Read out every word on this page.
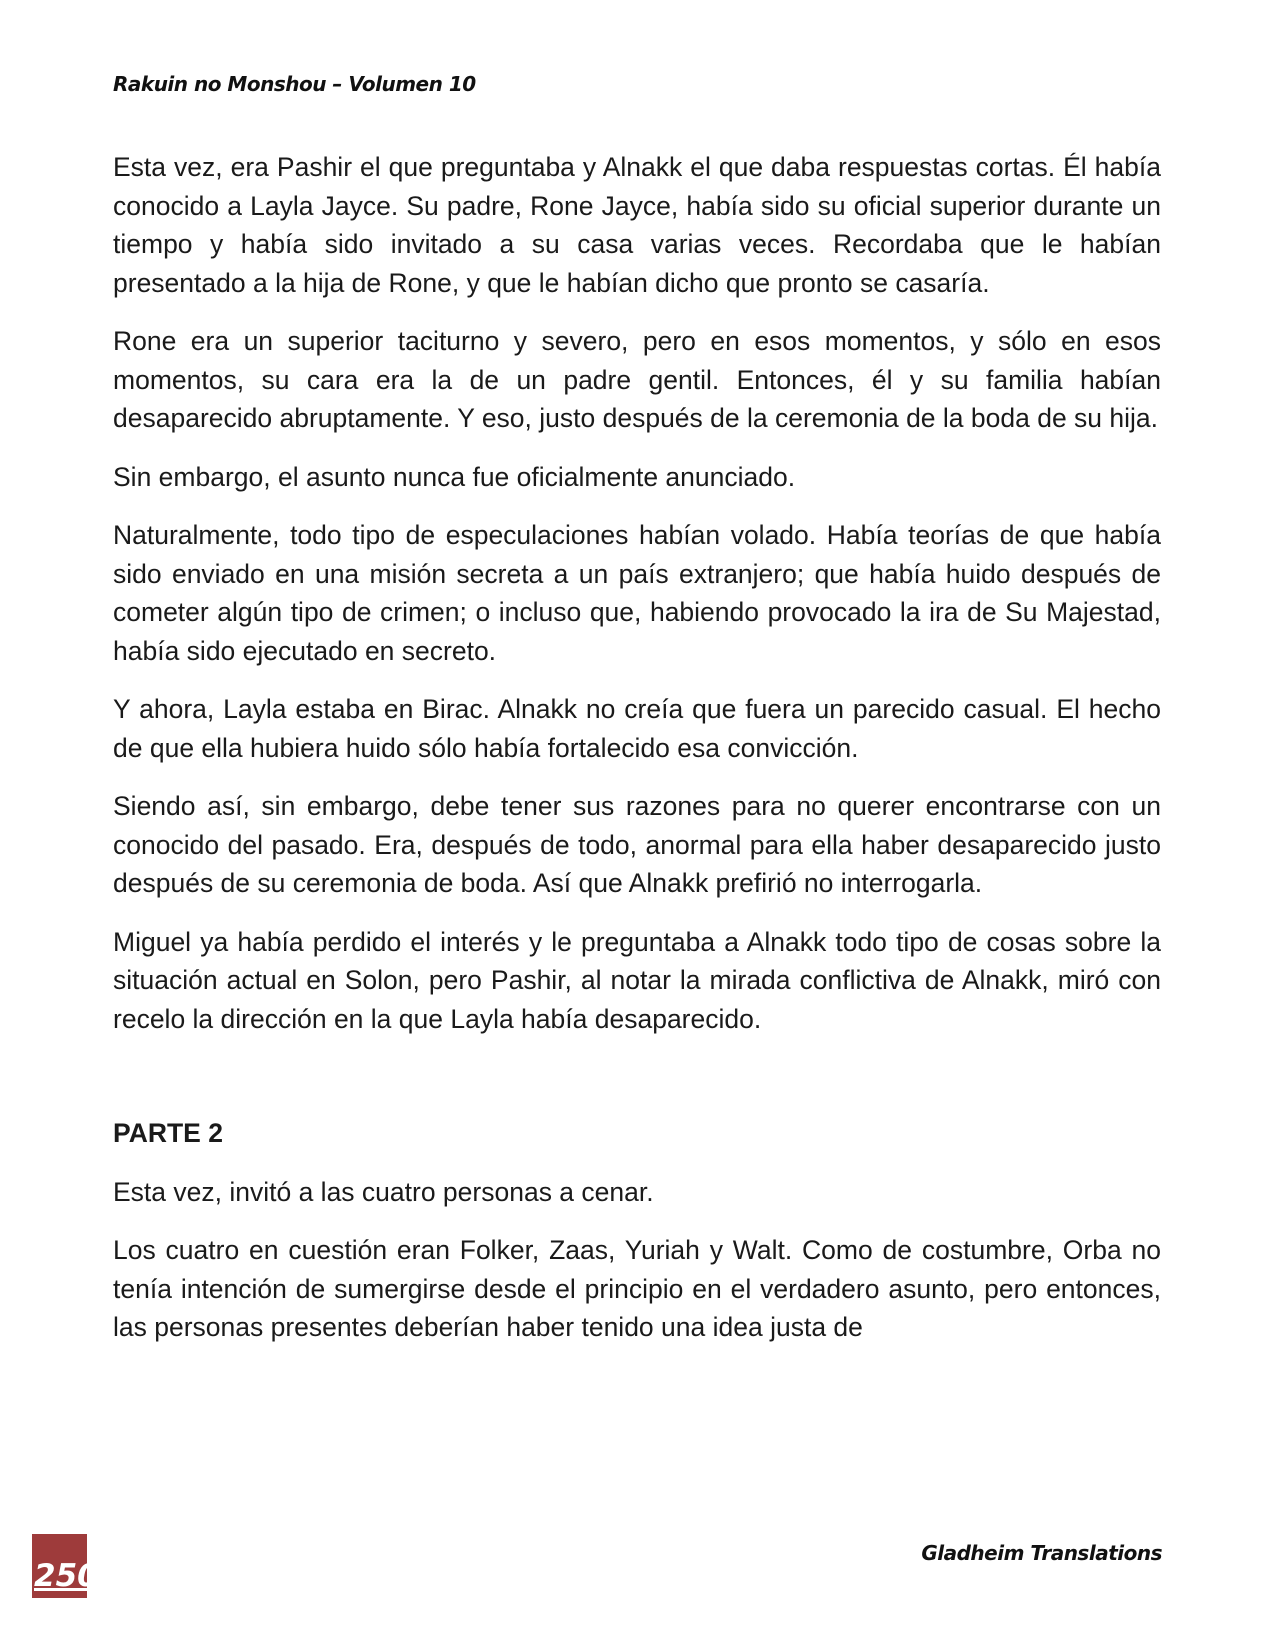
Rakuin no Monshou – Volumen 10

Esta vez, era Pashir el que preguntaba y Alnakk el que daba respuestas cortas. Él había conocido a Layla Jayce. Su padre, Rone Jayce, había sido su oficial superior durante un tiempo y había sido invitado a su casa varias veces. Recordaba que le habían presentado a la hija de Rone, y que le habían dicho que pronto se casaría.

Rone era un superior taciturno y severo, pero en esos momentos, y sólo en esos momentos, su cara era la de un padre gentil. Entonces, él y su familia habían desaparecido abruptamente. Y eso, justo después de la ceremonia de la boda de su hija.

Sin embargo, el asunto nunca fue oficialmente anunciado.

Naturalmente, todo tipo de especulaciones habían volado. Había teorías de que había sido enviado en una misión secreta a un país extranjero; que había huido después de cometer algún tipo de crimen; o incluso que, habiendo provocado la ira de Su Majestad, había sido ejecutado en secreto.

Y ahora, Layla estaba en Birac. Alnakk no creía que fuera un parecido casual. El hecho de que ella hubiera huido sólo había fortalecido esa convicción.

Siendo así, sin embargo, debe tener sus razones para no querer encontrarse con un conocido del pasado. Era, después de todo, anormal para ella haber desaparecido justo después de su ceremonia de boda. Así que Alnakk prefirió no interrogarla.

Miguel ya había perdido el interés y le preguntaba a Alnakk todo tipo de cosas sobre la situación actual en Solon, pero Pashir, al notar la mirada conflictiva de Alnakk, miró con recelo la dirección en la que Layla había desaparecido.

PARTE 2

Esta vez, invitó a las cuatro personas a cenar.

Los cuatro en cuestión eran Folker, Zaas, Yuriah y Walt. Como de costumbre, Orba no tenía intención de sumergirse desde el principio en el verdadero asunto, pero entonces, las personas presentes deberían haber tenido una idea justa de

250
Gladheim Translations
